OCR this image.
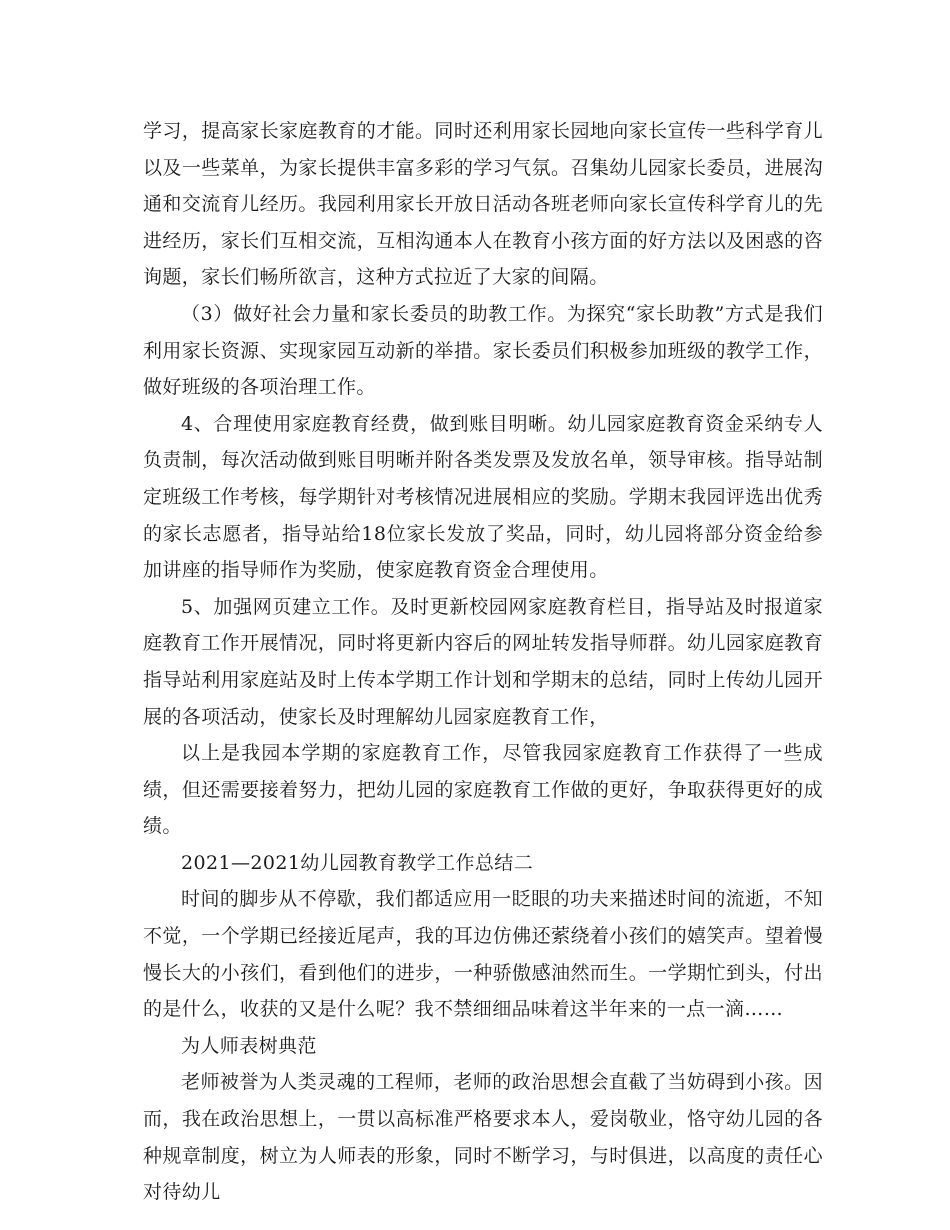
学习，提高家长家庭教育的才能。同时还利用家长园地向家长宣传一些科学育儿以及一些菜单，为家长提供丰富多彩的学习气氛。召集幼儿园家长委员，进展沟通和交流育儿经历。我园利用家长开放日活动各班老师向家长宣传科学育儿的先进经历，家长们互相交流，互相沟通本人在教育小孩方面的好方法以及困惑的咨询题，家长们畅所欲言，这种方式拉近了大家的间隔。

（3）做好社会力量和家长委员的助教工作。为探究“家长助教”方式是我们利用家长资源、实现家园互动新的举措。家长委员们积极参加班级的教学工作，做好班级的各项治理工作。

4、合理使用家庭教育经费，做到账目明晰。幼儿园家庭教育资金采纳专人负责制，每次活动做到账目明晰并附各类发票及发放名单，领导审核。指导站制定班级工作考核，每学期针对考核情况进展相应的奖励。学期末我园评选出优秀的家长志愿者，指导站给18位家长发放了奖品，同时，幼儿园将部分资金给参加讲座的指导师作为奖励，使家庭教育资金合理使用。

5、加强网页建立工作。及时更新校园网家庭教育栏目，指导站及时报道家庭教育工作开展情况，同时将更新内容后的网址转发指导师群。幼儿园家庭教育指导站利用家庭站及时上传本学期工作计划和学期末的总结，同时上传幼儿园开展的各项活动，使家长及时理解幼儿园家庭教育工作，

以上是我园本学期的家庭教育工作，尽管我园家庭教育工作获得了一些成绩，但还需要接着努力，把幼儿园的家庭教育工作做的更好，争取获得更好的成绩。

2021—2021幼儿园教育教学工作总结二

时间的脚步从不停歇，我们都适应用一眨眼的功夫来描述时间的流逝，不知不觉，一个学期已经接近尾声，我的耳边仿佛还萦绕着小孩们的嬉笑声。望着慢慢长大的小孩们，看到他们的进步，一种骄傲感油然而生。一学期忙到头，付出的是什么，收获的又是什么呢？我不禁细细品味着这半年来的一点一滴……

为人师表树典范

老师被誉为人类灵魂的工程师，老师的政治思想会直截了当妨碍到小孩。因而，我在政治思想上，一贯以高标准严格要求本人，爱岗敬业，恪守幼儿园的各种规章制度，树立为人师表的形象，同时不断学习，与时俱进，以高度的责任心对待幼儿
